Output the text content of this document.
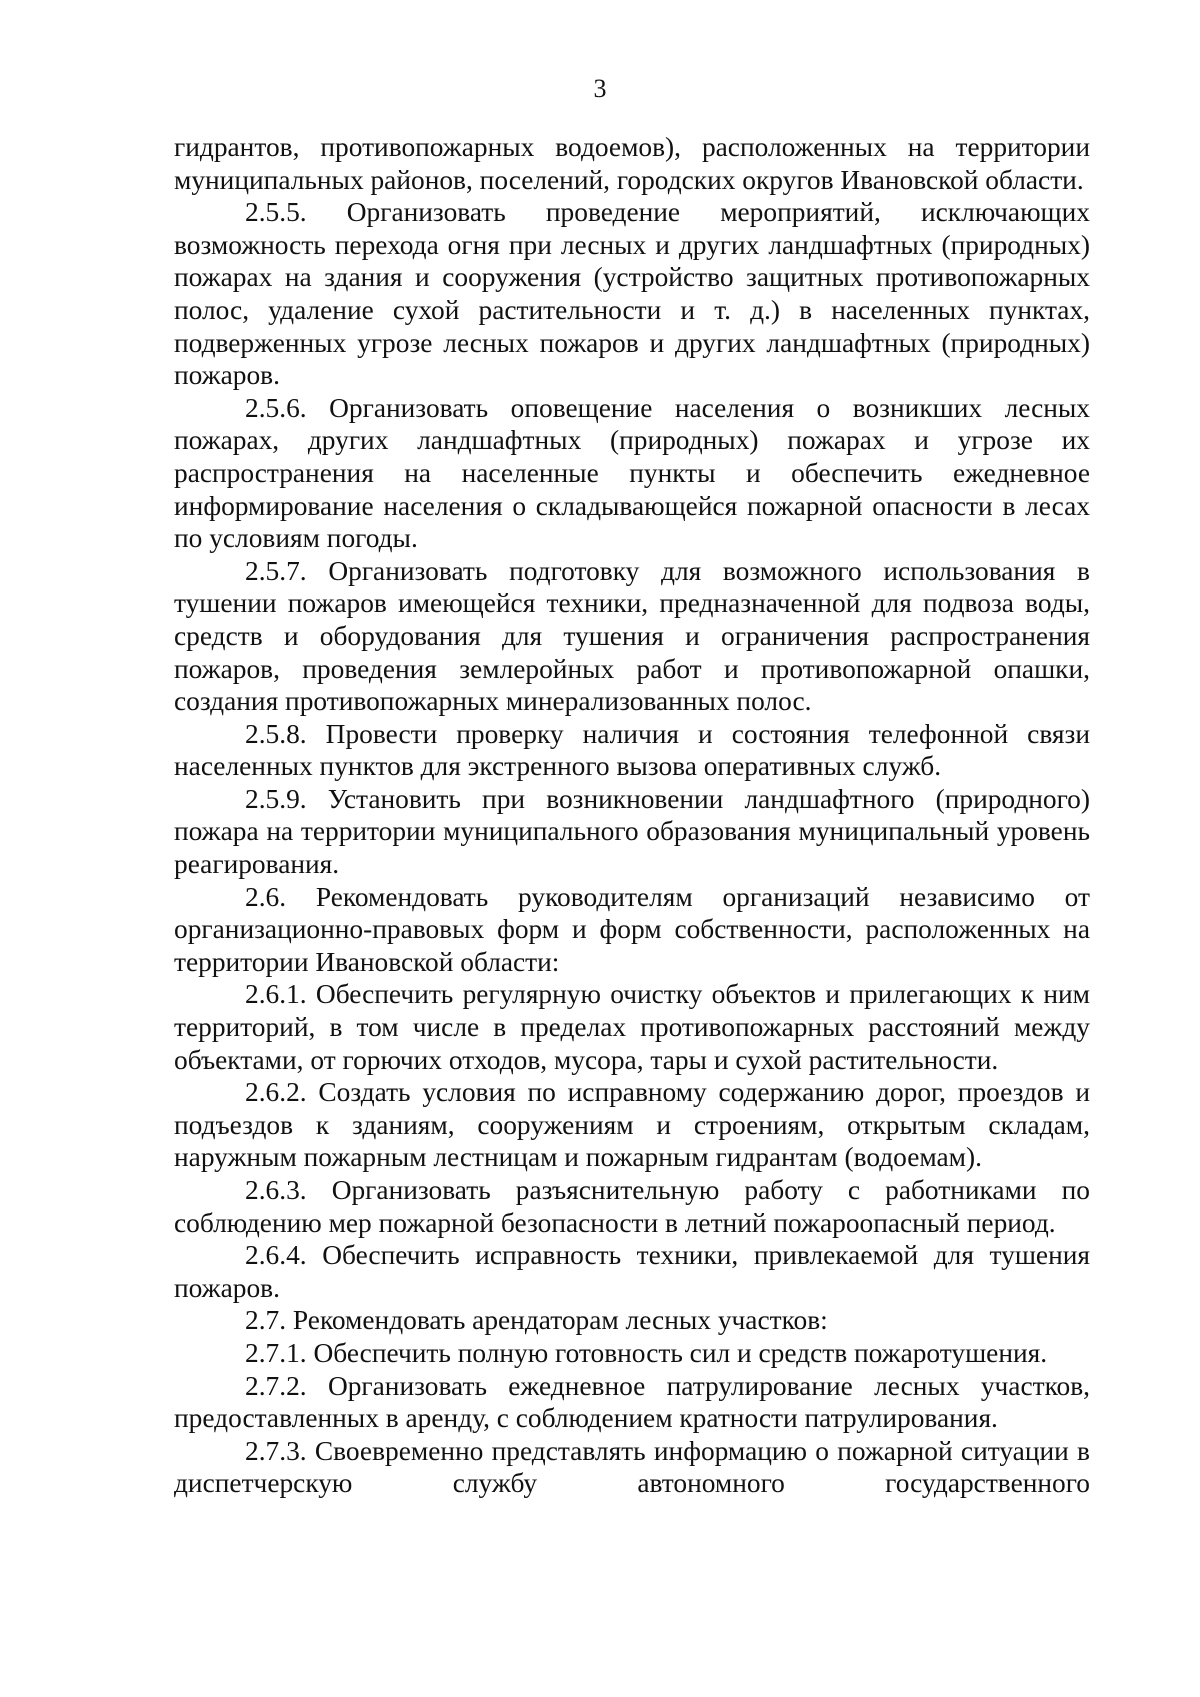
3

гидрантов, противопожарных водоемов), расположенных на территории муниципальных районов, поселений, городских округов Ивановской области.

2.5.5. Организовать проведение мероприятий, исключающих возможность перехода огня при лесных и других ландшафтных (природных) пожарах на здания и сооружения (устройство защитных противопожарных полос, удаление сухой растительности и т. д.) в населенных пунктах, подверженных угрозе лесных пожаров и других ландшафтных (природных) пожаров.

2.5.6. Организовать оповещение населения о возникших лесных пожарах, других ландшафтных (природных) пожарах и угрозе их распространения на населенные пункты и обеспечить ежедневное информирование населения о складывающейся пожарной опасности в лесах по условиям погоды.

2.5.7. Организовать подготовку для возможного использования в тушении пожаров имеющейся техники, предназначенной для подвоза воды, средств и оборудования для тушения и ограничения распространения пожаров, проведения землеройных работ и противопожарной опашки, создания противопожарных минерализованных полос.

2.5.8. Провести проверку наличия и состояния телефонной связи населенных пунктов для экстренного вызова оперативных служб.

2.5.9. Установить при возникновении ландшафтного (природного) пожара на территории муниципального образования муниципальный уровень реагирования.

2.6. Рекомендовать руководителям организаций независимо от организационно-правовых форм и форм собственности, расположенных на территории Ивановской области:

2.6.1. Обеспечить регулярную очистку объектов и прилегающих к ним территорий, в том числе в пределах противопожарных расстояний между объектами, от горючих отходов, мусора, тары и сухой растительности.

2.6.2. Создать условия по исправному содержанию дорог, проездов и подъездов к зданиям, сооружениям и строениям, открытым складам, наружным пожарным лестницам и пожарным гидрантам (водоемам).

2.6.3. Организовать разъяснительную работу с работниками по соблюдению мер пожарной безопасности в летний пожароопасный период.

2.6.4. Обеспечить исправность техники, привлекаемой для тушения пожаров.

2.7. Рекомендовать арендаторам лесных участков:

2.7.1. Обеспечить полную готовность сил и средств пожаротушения.

2.7.2. Организовать ежедневное патрулирование лесных участков, предоставленных в аренду, с соблюдением кратности патрулирования.

2.7.3. Своевременно представлять информацию о пожарной ситуации в диспетчерскую службу автономного государственного
